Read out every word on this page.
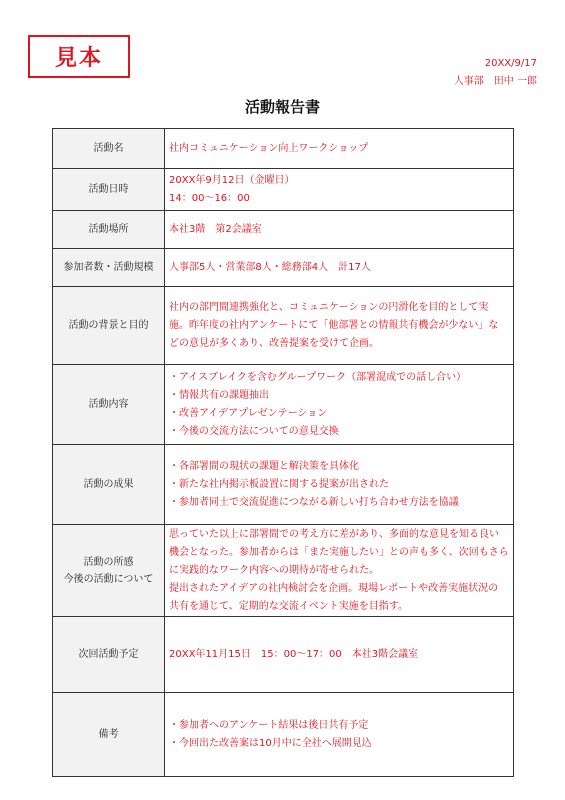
見本	20XX/9/17
人事部　田中 一郎
活動報告書
活動名	社内コミュニケーション向上ワークショップ

活動日時	20XX年9月12日（金曜日）
14：00〜16：00

活動場所	本社3階　第2会議室

参加者数・活動規模	人事部5人・営業部8人・総務部4人　計17人

活動の背景と目的	社内の部門間連携強化と、コミュニケーションの円滑化を目的として実
施。昨年度の社内アンケートにて「他部署との情報共有機会が少ない」な
どの意見が多くあり、改善提案を受けて企画。

活動内容	・アイスブレイクを含むグループワーク（部署混成での話し合い）
・情報共有の課題抽出
・改善アイデアプレゼンテーション
・今後の交流方法についての意見交換

活動の成果	・各部署間の現状の課題と解決策を具体化
・新たな社内掲示板設置に関する提案が出された
・参加者同士で交流促進につながる新しい打ち合わせ方法を協議

活動の所感
今後の活動について	思っていた以上に部署間での考え方に差があり、多面的な意見を知る良い
機会となった。参加者からは「また実施したい」との声も多く、次回もさら
に実践的なワーク内容への期待が寄せられた。
提出されたアイデアの社内検討会を企画。現場レポートや改善実施状況の
共有を通じて、定期的な交流イベント実施を目指す。

次回活動予定	20XX年11月15日　15：00〜17：00　本社3階会議室

備考	・参加者へのアンケート結果は後日共有予定
・今回出た改善案は10月中に全社へ展開見込
